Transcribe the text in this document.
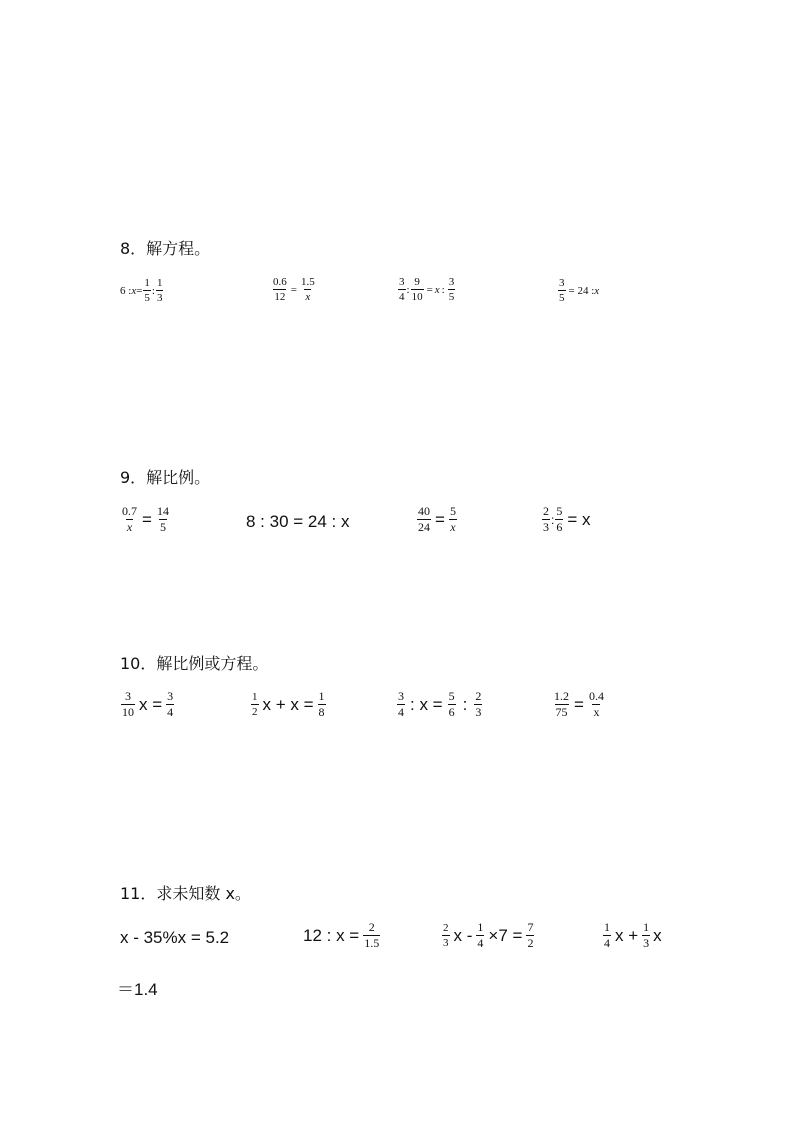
8．解方程。
6 : $x = \frac{1}{5}$ : $\frac{1}{3}$	$\frac{0.6}{12} = \frac{1.5}{x}$	$\frac{3}{4}$ : $\frac{9}{10} = x$ : $\frac{3}{5}$	$\frac{3}{5} = 24$ : x
9．解比例。
$\frac{0.7}{x} = \frac{14}{5}$	8 : 30 = 24 : x	$\frac{40}{24} = \frac{5}{x}$	$\frac{2}{3}$ : $\frac{5}{6} = x$
10．解比例或方程。
$\frac{3}{10}$ $x = \frac{3}{4}$	$\frac{1}{2}$ $x + x = \frac{1}{8}$	$\frac{3}{4}$ : $x = \frac{5}{6}$ : $\frac{2}{3}$	$\frac{1.2}{75} = \frac{0.4}{x}$
11．求未知数 x。
x - 35%x = 5.2	12 : $x = \frac{2}{1.5}$	$\frac{2}{3}$ $x - \frac{1}{4} \times 7 = \frac{7}{2}$	$\frac{1}{4}$ $x + \frac{1}{3}$ x
＝1.4
